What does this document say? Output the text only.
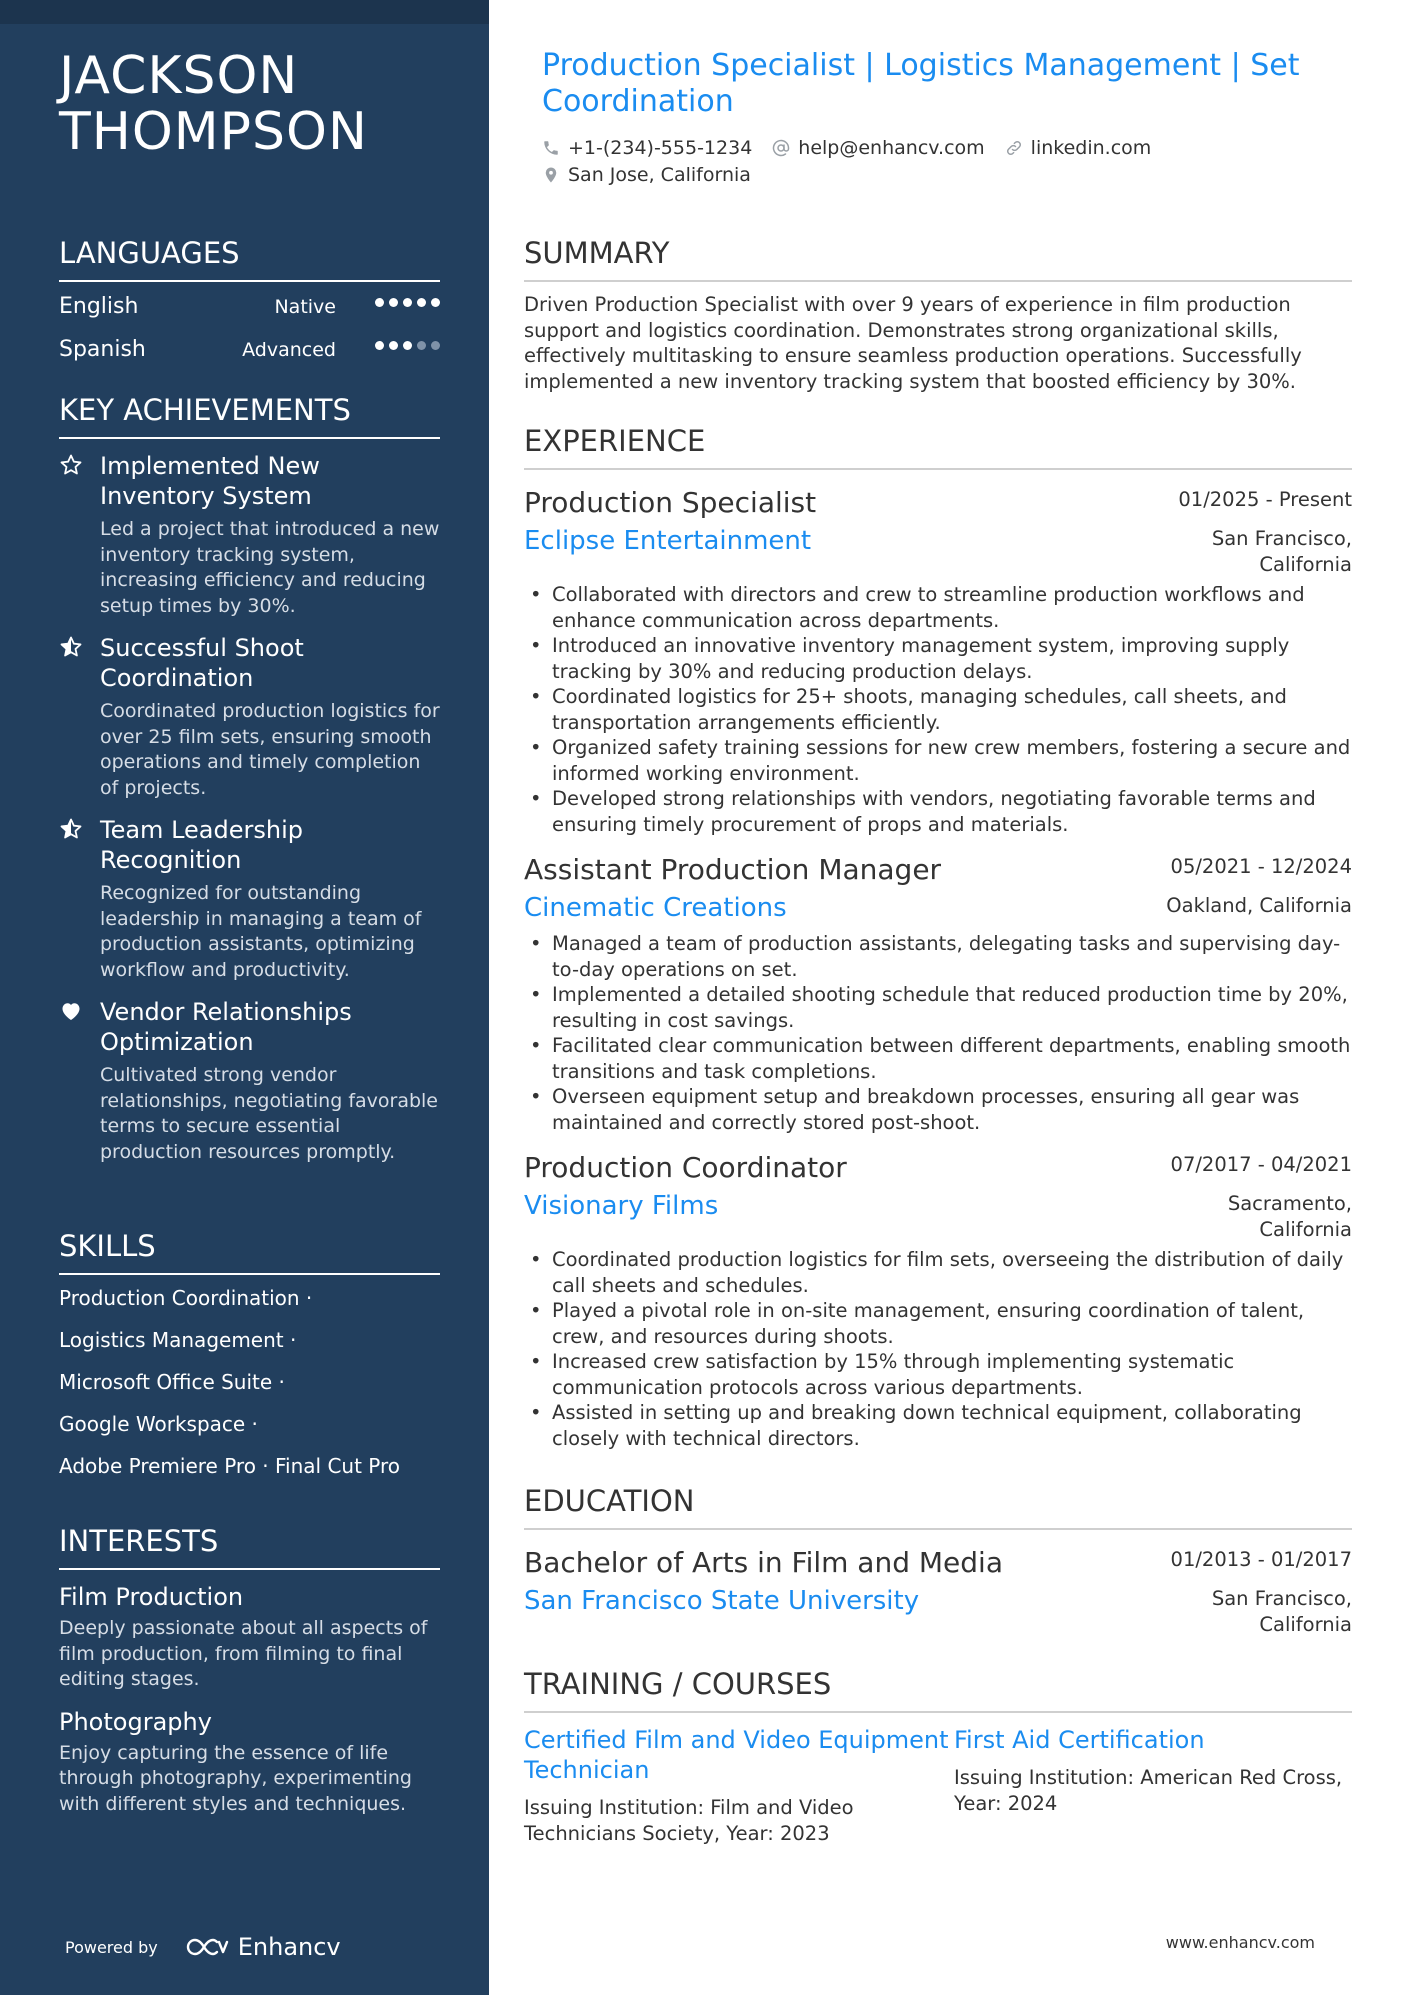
JACKSON
THOMPSON
LANGUAGES
English	Native
Spanish	Advanced
KEY ACHIEVEMENTS
Implemented New Inventory System
Led a project that introduced a new inventory tracking system, increasing efficiency and reducing setup times by 30%.
Successful Shoot Coordination
Coordinated production logistics for over 25 film sets, ensuring smooth operations and timely completion of projects.
Team Leadership Recognition
Recognized for outstanding leadership in managing a team of production assistants, optimizing workflow and productivity.
Vendor Relationships Optimization
Cultivated strong vendor relationships, negotiating favorable terms to secure essential production resources promptly.
SKILLS
Production Coordination ·
Logistics Management ·
Microsoft Office Suite ·
Google Workspace ·
Adobe Premiere Pro · Final Cut Pro
INTERESTS
Film Production
Deeply passionate about all aspects of film production, from filming to final editing stages.
Photography
Enjoy capturing the essence of life through photography, experimenting with different styles and techniques.
Powered by	Enhancv
Production Specialist | Logistics Management | Set Coordination
+1-(234)-555-1234 help@enhancv.com linkedin.com
San Jose, California
SUMMARY

Driven Production Specialist with over 9 years of experience in film production support and logistics coordination. Demonstrates strong organizational skills, effectively multitasking to ensure seamless production operations. Successfully implemented a new inventory tracking system that boosted efficiency by 30%.

EXPERIENCE
Production Specialist	01/2025 - Present
Eclipse Entertainment	San Francisco, California
• Collaborated with directors and crew to streamline production workflows and enhance communication across departments.
• Introduced an innovative inventory management system, improving supply tracking by 30% and reducing production delays.
• Coordinated logistics for 25+ shoots, managing schedules, call sheets, and transportation arrangements efficiently.
• Organized safety training sessions for new crew members, fostering a secure and informed working environment.
• Developed strong relationships with vendors, negotiating favorable terms and ensuring timely procurement of props and materials.
Assistant Production Manager	05/2021 - 12/2024
Cinematic Creations	Oakland, California
• Managed a team of production assistants, delegating tasks and supervising day-to-day operations on set.
• Implemented a detailed shooting schedule that reduced production time by 20%, resulting in cost savings.
• Facilitated clear communication between different departments, enabling smooth transitions and task completions.
• Overseen equipment setup and breakdown processes, ensuring all gear was maintained and correctly stored post-shoot.
Production Coordinator	07/2017 - 04/2021
Visionary Films	Sacramento, California
• Coordinated production logistics for film sets, overseeing the distribution of daily call sheets and schedules.
• Played a pivotal role in on-site management, ensuring coordination of talent, crew, and resources during shoots.
• Increased crew satisfaction by 15% through implementing systematic communication protocols across various departments.
• Assisted in setting up and breaking down technical equipment, collaborating closely with technical directors.
EDUCATION
Bachelor of Arts in Film and Media	01/2013 - 01/2017
San Francisco State University	San Francisco, California
TRAINING / COURSES
Certified Film and Video Equipment Technician
Issuing Institution: Film and Video Technicians Society, Year: 2023
First Aid Certification
Issuing Institution: American Red Cross, Year: 2024
www.enhancv.com
